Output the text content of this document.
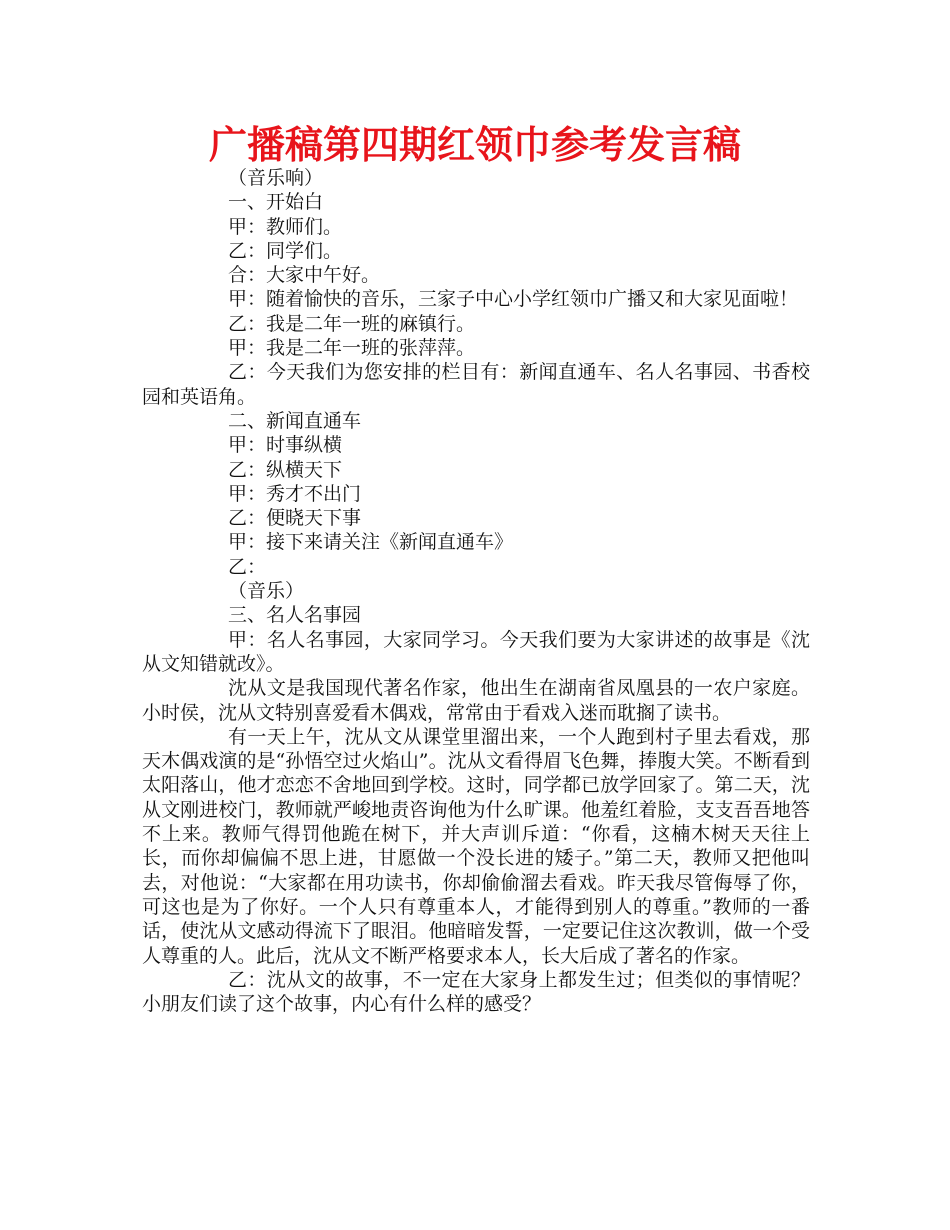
广播稿第四期红领巾参考发言稿

（音乐响）

一、开始白

甲：教师们。

乙：同学们。

合：大家中午好。

甲：随着愉快的音乐，三家子中心小学红领巾广播又和大家见面啦！

乙：我是二年一班的麻镇行。

甲：我是二年一班的张萍萍。

乙：今天我们为您安排的栏目有：新闻直通车、名人名事园、书香校园和英语角。

二、新闻直通车

甲：时事纵横

乙：纵横天下

甲：秀才不出门

乙：便晓天下事

甲：接下来请关注《新闻直通车》

乙：

（音乐）

三、名人名事园

甲：名人名事园，大家同学习。今天我们要为大家讲述的故事是《沈从文知错就改》。

沈从文是我国现代著名作家，他出生在湖南省凤凰县的一农户家庭。小时侯，沈从文特别喜爱看木偶戏，常常由于看戏入迷而耽搁了读书。

有一天上午，沈从文从课堂里溜出来，一个人跑到村子里去看戏，那天木偶戏演的是“孙悟空过火焰山”。沈从文看得眉飞色舞，捧腹大笑。不断看到太阳落山，他才恋恋不舍地回到学校。这时，同学都已放学回家了。第二天，沈从文刚进校门，教师就严峻地责咨询他为什么旷课。他羞红着脸，支支吾吾地答不上来。教师气得罚他跪在树下，并大声训斥道：“你看，这楠木树天天往上长，而你却偏偏不思上进，甘愿做一个没长进的矮子。”第二天，教师又把他叫去，对他说：“大家都在用功读书，你却偷偷溜去看戏。昨天我尽管侮辱了你，可这也是为了你好。一个人只有尊重本人，才能得到别人的尊重。”教师的一番话，使沈从文感动得流下了眼泪。他暗暗发誓，一定要记住这次教训，做一个受人尊重的人。此后，沈从文不断严格要求本人，长大后成了著名的作家。

乙：沈从文的故事，不一定在大家身上都发生过；但类似的事情呢？小朋友们读了这个故事，内心有什么样的感受？
